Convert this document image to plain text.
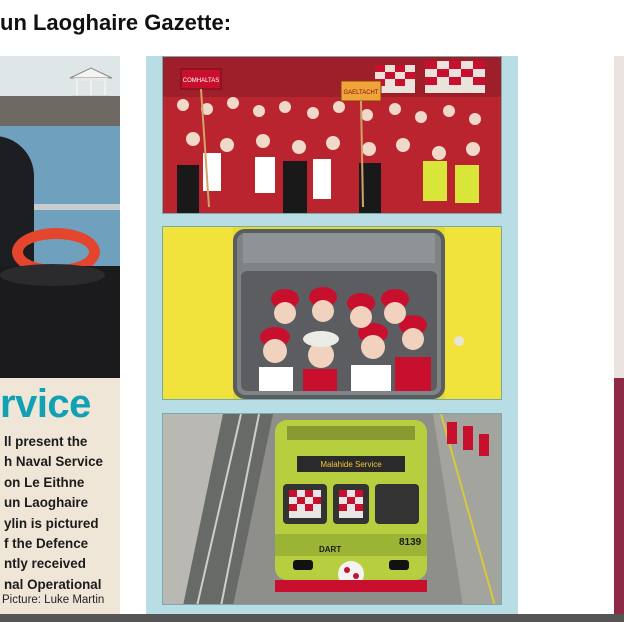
un Laoghaire Gazette:
rvice
ll present the
h Naval Service
on Le Eithne
un Laoghaire
ylin is pictured
f the Defence
ntly received
nal Operational
Picture: Luke Martin
COMHALTAS
GAELTACHT
Malahide Service
DART
8139
